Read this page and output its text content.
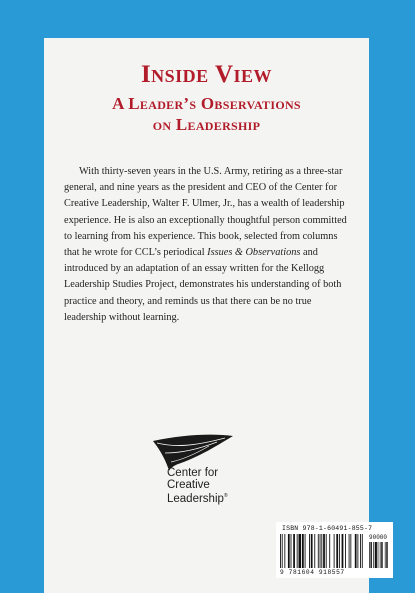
Inside View
A Leader’s Observations
on Leadership
With thirty-seven years in the U.S. Army, retiring as a three-star general, and nine years as the president and CEO of the Center for Creative Leadership, Walter F. Ulmer, Jr., has a wealth of leadership experience. He is also an exceptionally thoughtful person committed to learning from his experience. This book, selected from columns that he wrote for CCL’s periodical Issues & Observations and introduced by an adaptation of an essay written for the Kellogg Leadership Studies Project, demonstrates his understanding of both practice and theory, and reminds us that there can be no true leadership without learning.
Center for
Creative
Leadership®
ISBN 978-1-60491-855-7
90000
9 781604 918557
